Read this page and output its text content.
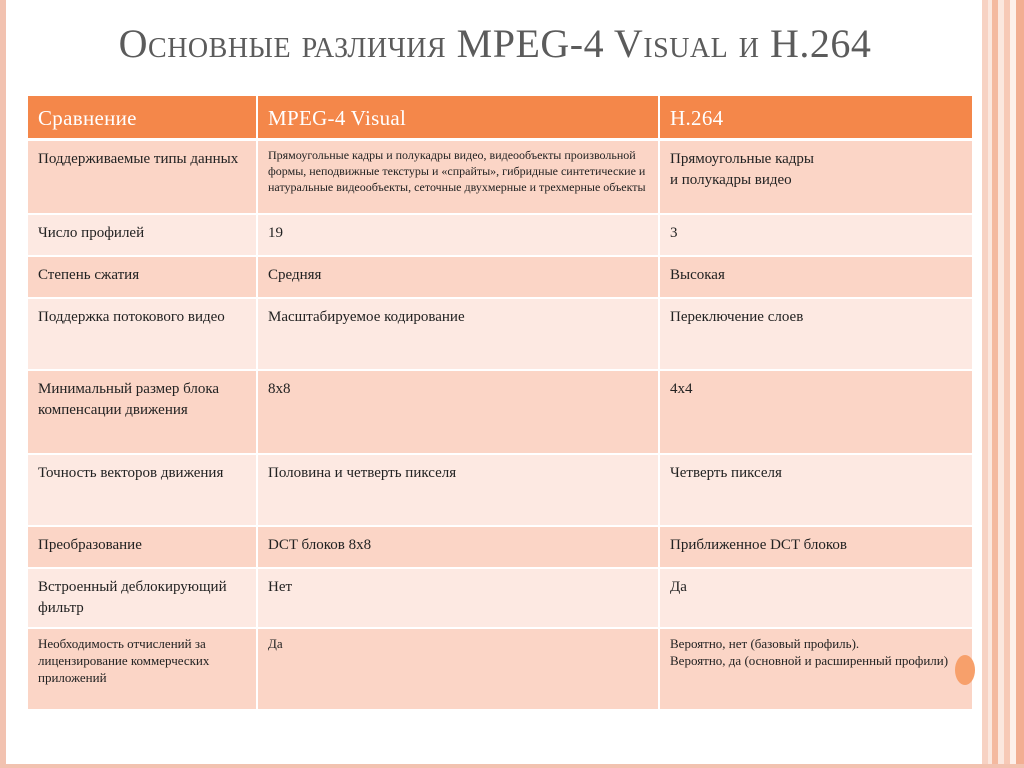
Основные различия MPEG-4 Visual и H.264
Сравнение	MPEG-4 Visual	H.264
Поддерживаемые типы данных	Прямоугольные кадры и полукадры видео, видеообъекты произвольной формы, неподвижные текстуры и «спрайты», гибридные синтетические и натуральные видеообъекты, сеточные двухмерные и трехмерные объекты	Прямоугольные кадры
и полукадры видео
Число профилей	19	3
Степень сжатия	Средняя	Высокая
Поддержка потокового видео	Масштабируемое кодирование	Переключение слоев
Минимальный размер блока компенсации движения	8х8	4х4
Точность векторов движения	Половина и четверть пикселя	Четверть пикселя
Преобразование	DCT блоков 8х8	Приближенное DCT блоков
Встроенный деблокирующий фильтр	Нет	Да
Необходимость отчислений за лицензирование коммерческих приложений	Да	Вероятно, нет (базовый профиль).
Вероятно, да (основной и расширенный профили)
